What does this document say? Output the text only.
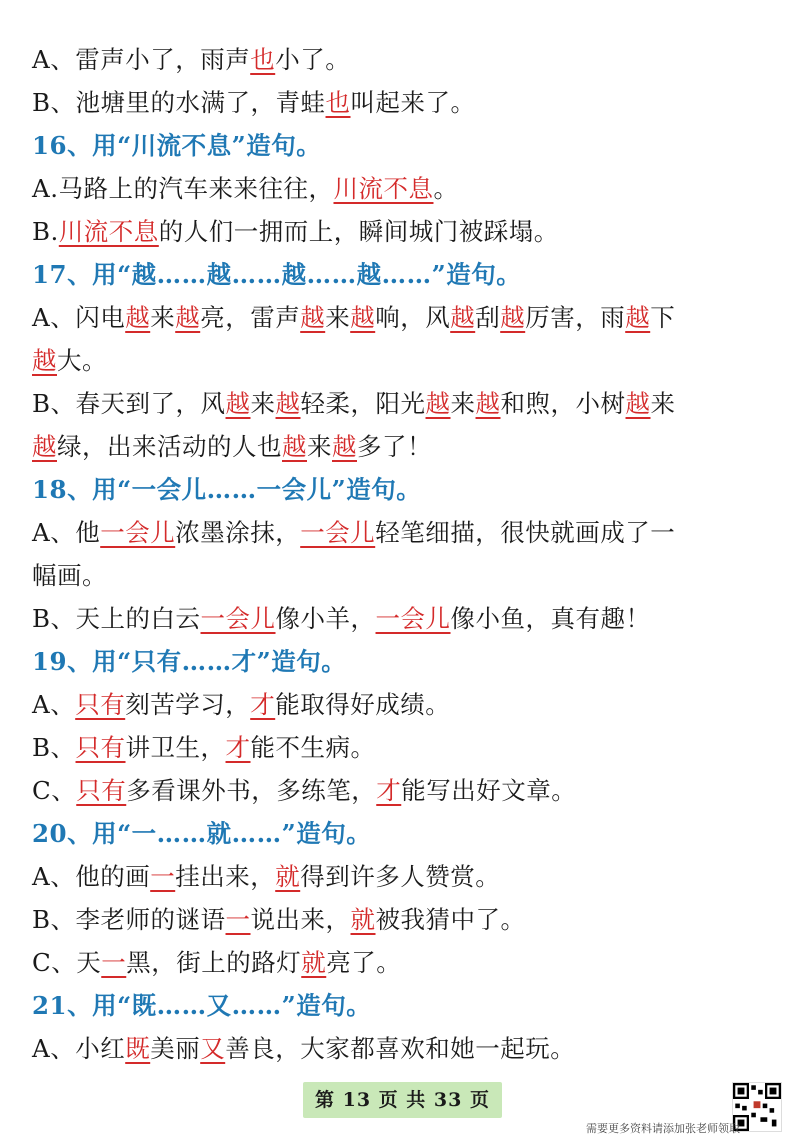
A、雷声小了，雨声也小了。
B、池塘里的水满了，青蛙也叫起来了。
16、用“川流不息”造句。
A.马路上的汽车来来往往，川流不息。
B.川流不息的人们一拥而上，瞬间城门被踩塌。
17、用“越……越……越……越……”造句。
A、闪电越来越亮，雷声越来越响，风越刮越厉害，雨越下
越大。
B、春天到了，风越来越轻柔，阳光越来越和煦，小树越来
越绿，出来活动的人也越来越多了！
18、用“一会儿……一会儿”造句。
A、他一会儿浓墨涂抹，一会儿轻笔细描，很快就画成了一
幅画。
B、天上的白云一会儿像小羊，一会儿像小鱼，真有趣！
19、用“只有……才”造句。
A、只有刻苦学习，才能取得好成绩。
B、只有讲卫生，才能不生病。
C、只有多看课外书，多练笔，才能写出好文章。
20、用“一……就……”造句。
A、他的画一挂出来，就得到许多人赞赏。
B、李老师的谜语一说出来，就被我猜中了。
C、天一黑，街上的路灯就亮了。
21、用“既……又……”造句。
A、小红既美丽又善良，大家都喜欢和她一起玩。
第 13 页 共 33 页
需要更多资料请添加张老师领取
